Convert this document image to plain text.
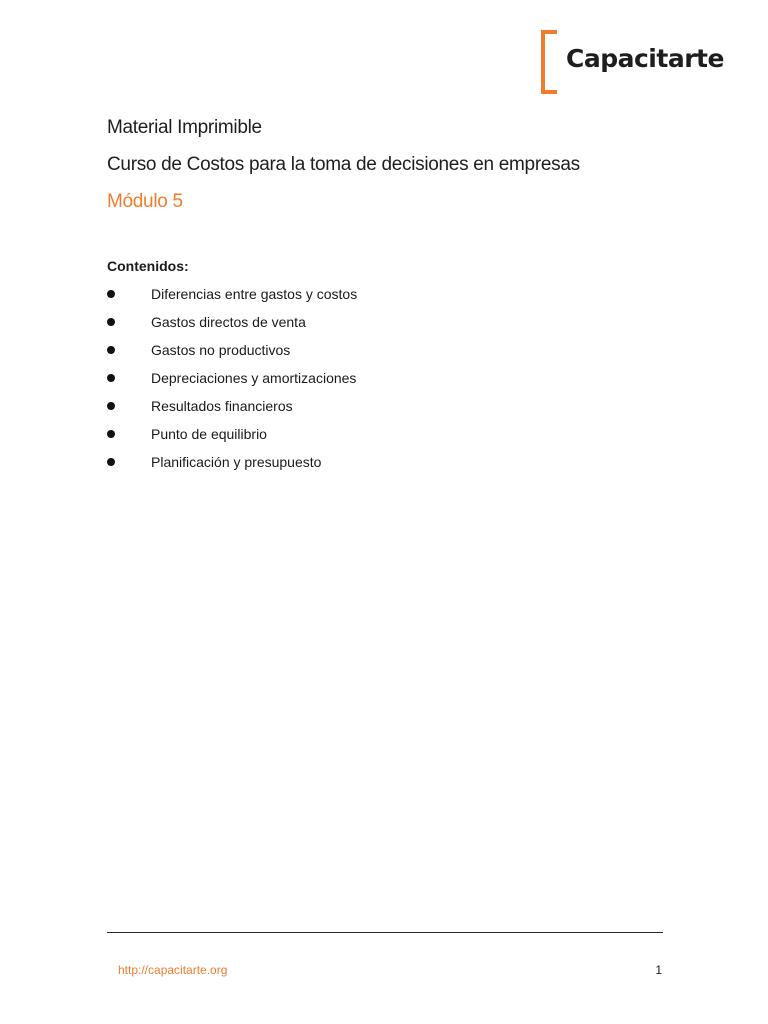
Capacitarte
Material Imprimible
Curso de Costos para la toma de decisiones en empresas
Módulo 5
Contenidos:
Diferencias entre gastos y costos
Gastos directos de venta
Gastos no productivos
Depreciaciones y amortizaciones
Resultados financieros
Punto de equilibrio
Planificación y presupuesto
http://capacitarte.org	1
